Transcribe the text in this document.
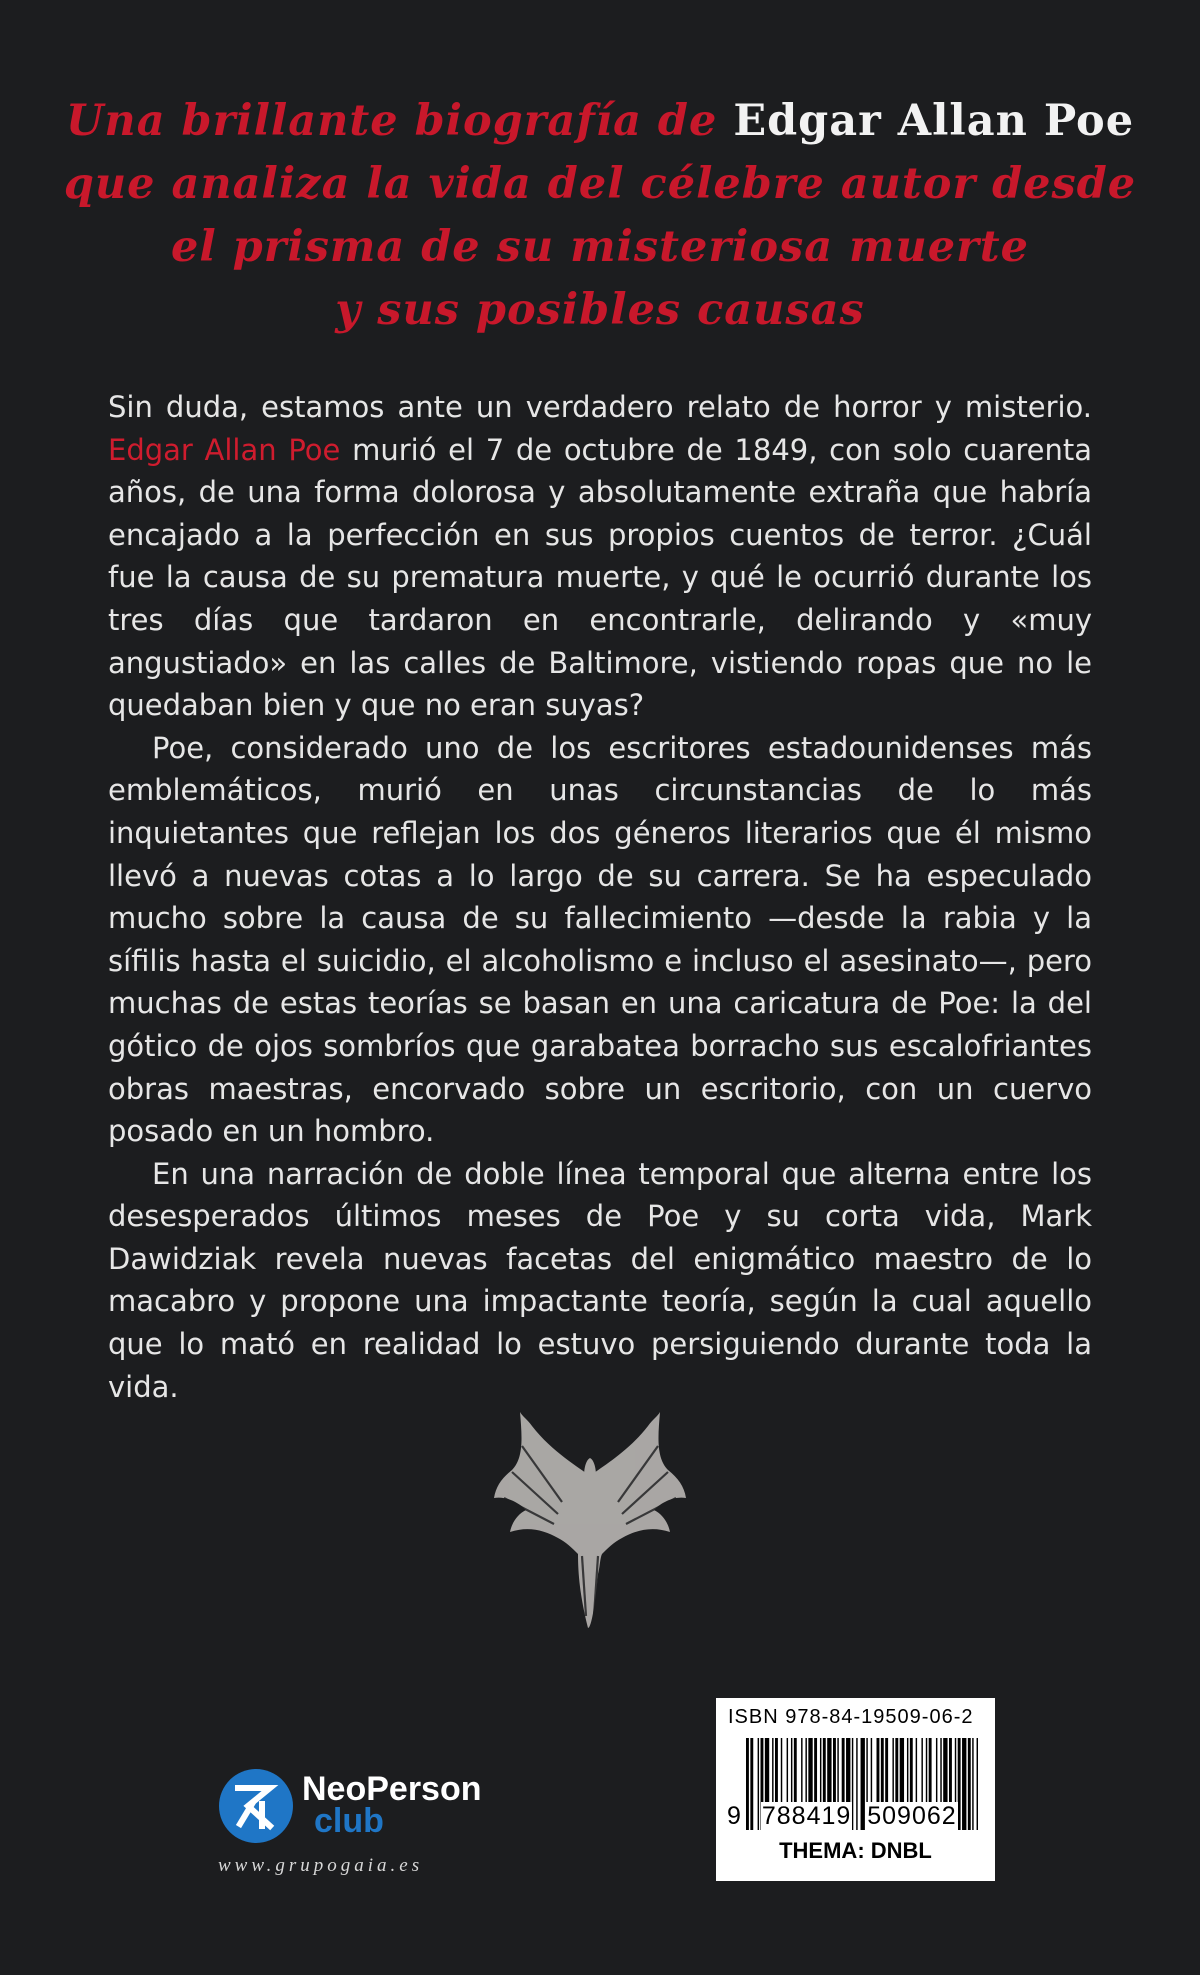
Una brillante biografía de Edgar Allan Poe
que analiza la vida del célebre autor desde
el prisma de su misteriosa muerte
y sus posibles causas

Sin duda, estamos ante un verdadero relato de horror y misterio. Edgar Allan Poe murió el 7 de octubre de 1849, con solo cuarenta años, de una forma dolorosa y absolutamente extraña que habría encajado a la perfección en sus propios cuentos de terror. ¿Cuál fue la causa de su prematura muerte, y qué le ocurrió durante los tres días que tardaron en encontrarle, delirando y «muy angustiado» en las calles de Baltimore, vistiendo ropas que no le quedaban bien y que no eran suyas?

Poe, considerado uno de los escritores estadounidenses más emblemáticos, murió en unas circunstancias de lo más inquietantes que reflejan los dos géneros literarios que él mismo llevó a nuevas cotas a lo largo de su carrera. Se ha especulado mucho sobre la causa de su fallecimiento —desde la rabia y la sífilis hasta el suicidio, el alcoholismo e incluso el asesinato—, pero muchas de estas teorías se basan en una caricatura de Poe: la del gótico de ojos sombríos que garabatea borracho sus escalofriantes obras maestras, encorvado sobre un escritorio, con un cuervo posado en un hombro.

En una narración de doble línea temporal que alterna entre los desesperados últimos meses de Poe y su corta vida, Mark Dawidziak revela nuevas facetas del enigmático maestro de lo macabro y propone una impactante teoría, según la cual aquello que lo mató en realidad lo estuvo persiguiendo durante toda la vida.

ISBN 978-84-19509-06-2
9 788419 509062
THEMA: DNBL
NeoPerson
club
www.grupogaia.es
